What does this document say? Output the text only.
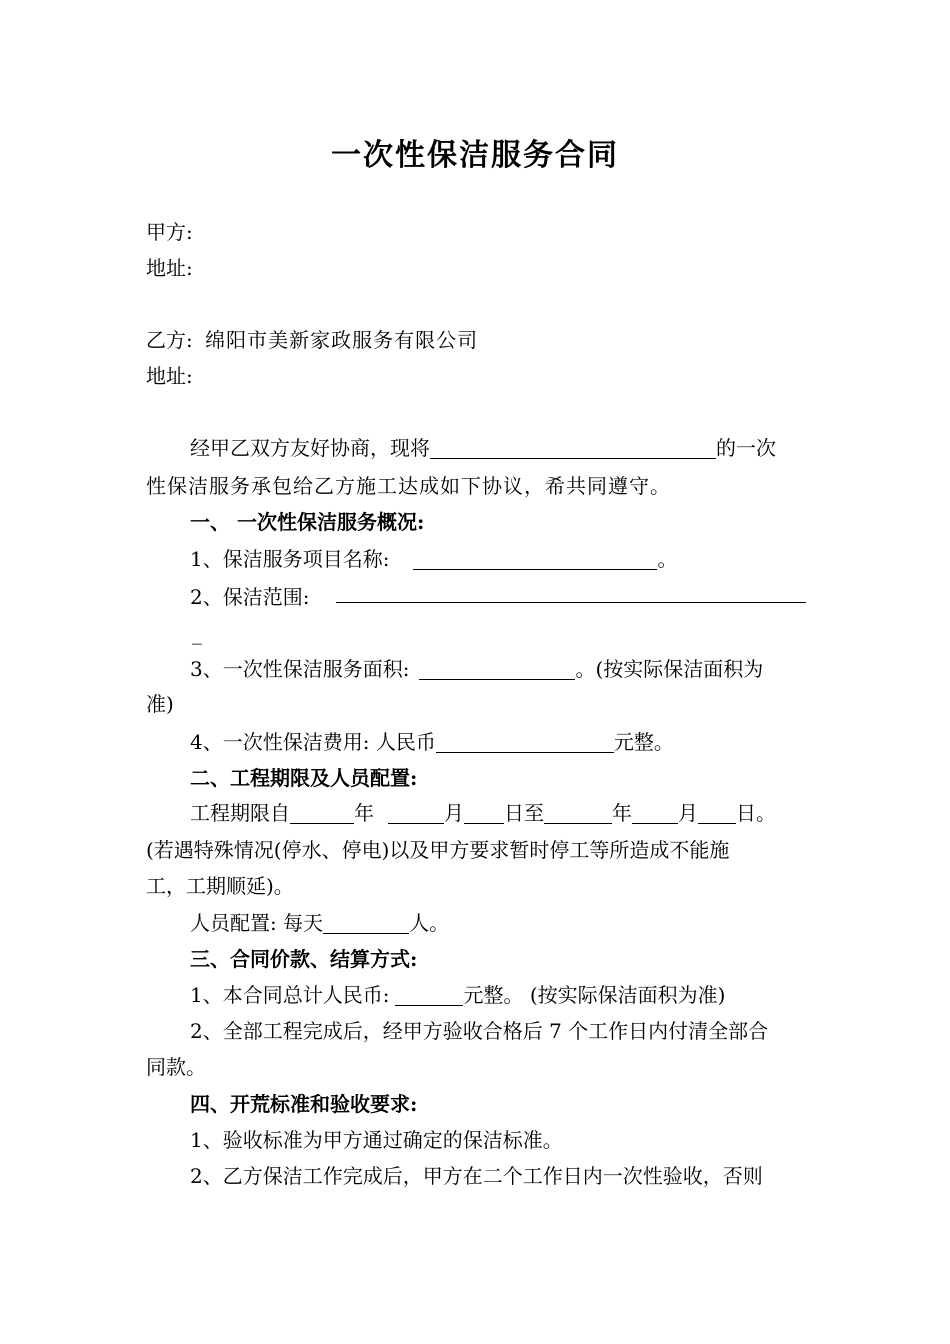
一次性保洁服务合同
甲方:
地址:
乙方: 绵阳市美新家政服务有限公司
地址:
经甲乙双方友好协商，现将	的一次
性保洁服务承包给乙方施工达成如下协议，希共同遵守。
一、 一次性保洁服务概况:
1、保洁服务项目名称:	。
2、保洁范围:
_
3、一次性保洁服务面积:	。(按实际保洁面积为
准)
4、一次性保洁费用: 人民币	元整。
二、工程期限及人员配置:
工程期限自	年	月 日至	年 月 日。
(若遇特殊情况(停水、停电)以及甲方要求暂时停工等所造成不能施
工，工期顺延)。
人员配置: 每天	人。
三、合同价款、结算方式:
1、本合同总计人民币:	元整。 (按实际保洁面积为准)
2、全部工程完成后，经甲方验收合格后 7 个工作日内付清全部合
同款。
四、开荒标准和验收要求:
1、验收标准为甲方通过确定的保洁标准。
2、乙方保洁工作完成后，甲方在二个工作日内一次性验收，否则
